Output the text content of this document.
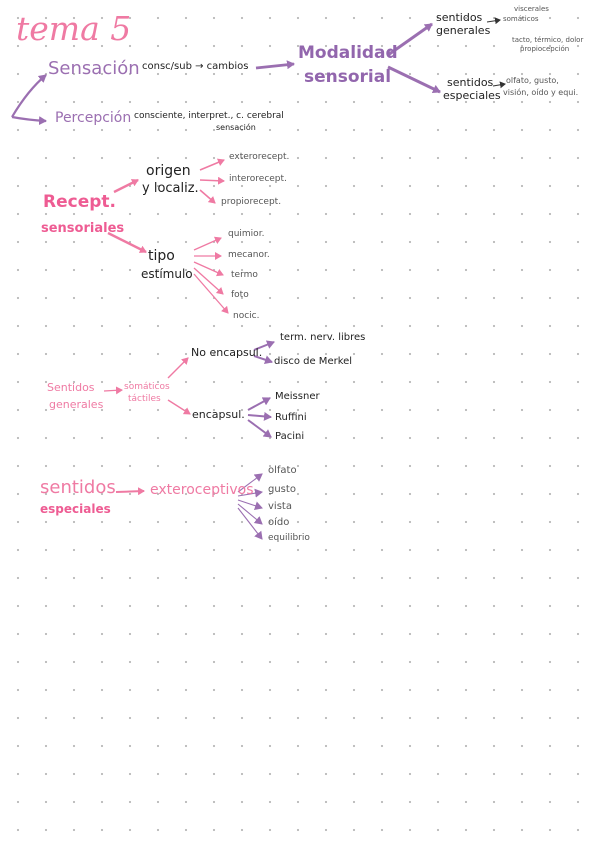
tema 5
Sensación consc/sub → cambios
Percepción consciente, interpret., c. cerebral
sensación
Modalidad
sensorial
sentidos
generales
viscerales
somáticos
tacto, térmico, dolor
propiocepción
sentidos
especiales
olfato, gusto,
visión, oído y equi.
Recept.
sensoriales
origen
y localiz.
exterorecept.
interorecept.
propiorecept.
tipo
estímulo
quimior.
mecanor.
termo
foto
nocic.
Sentidos
generales
somáticos
táctiles
No encapsul.
term. nerv. libres
disco de Merkel
encapsul.
Meissner
Ruffini
Pacini
sentidos
especiales
exteroceptivos
olfato
gusto
vista
oído
equilibrio
